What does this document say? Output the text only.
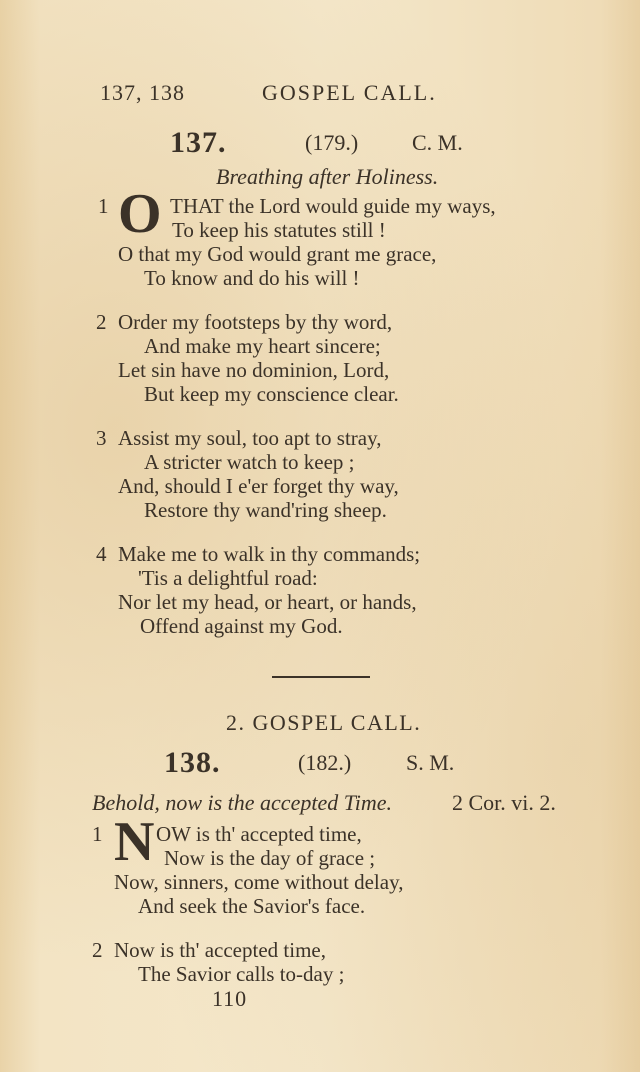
137, 138	GOSPEL CALL.
137.	(179.) C. M.
Breathing after Holiness.
1 O THAT the Lord would guide my ways,
To keep his statutes still !
O that my God would grant me grace,
To know and do his will !
2 Order my footsteps by thy word,
And make my heart sincere;
Let sin have no dominion, Lord,
But keep my conscience clear.
3 Assist my soul, too apt to stray,
A stricter watch to keep ;
And, should I e'er forget thy way,
Restore thy wand'ring sheep.
4 Make me to walk in thy commands;
'Tis a delightful road:
Nor let my head, or heart, or hands,
Offend against my God.
2. GOSPEL CALL.
138.	(182.) S. M.
Behold, now is the accepted Time.	2 Cor. vi. 2.
1 N OW is th' accepted time,
Now is the day of grace ;
Now, sinners, come without delay,
And seek the Savior's face.
2 Now is th' accepted time,
The Savior calls to-day ;
110
